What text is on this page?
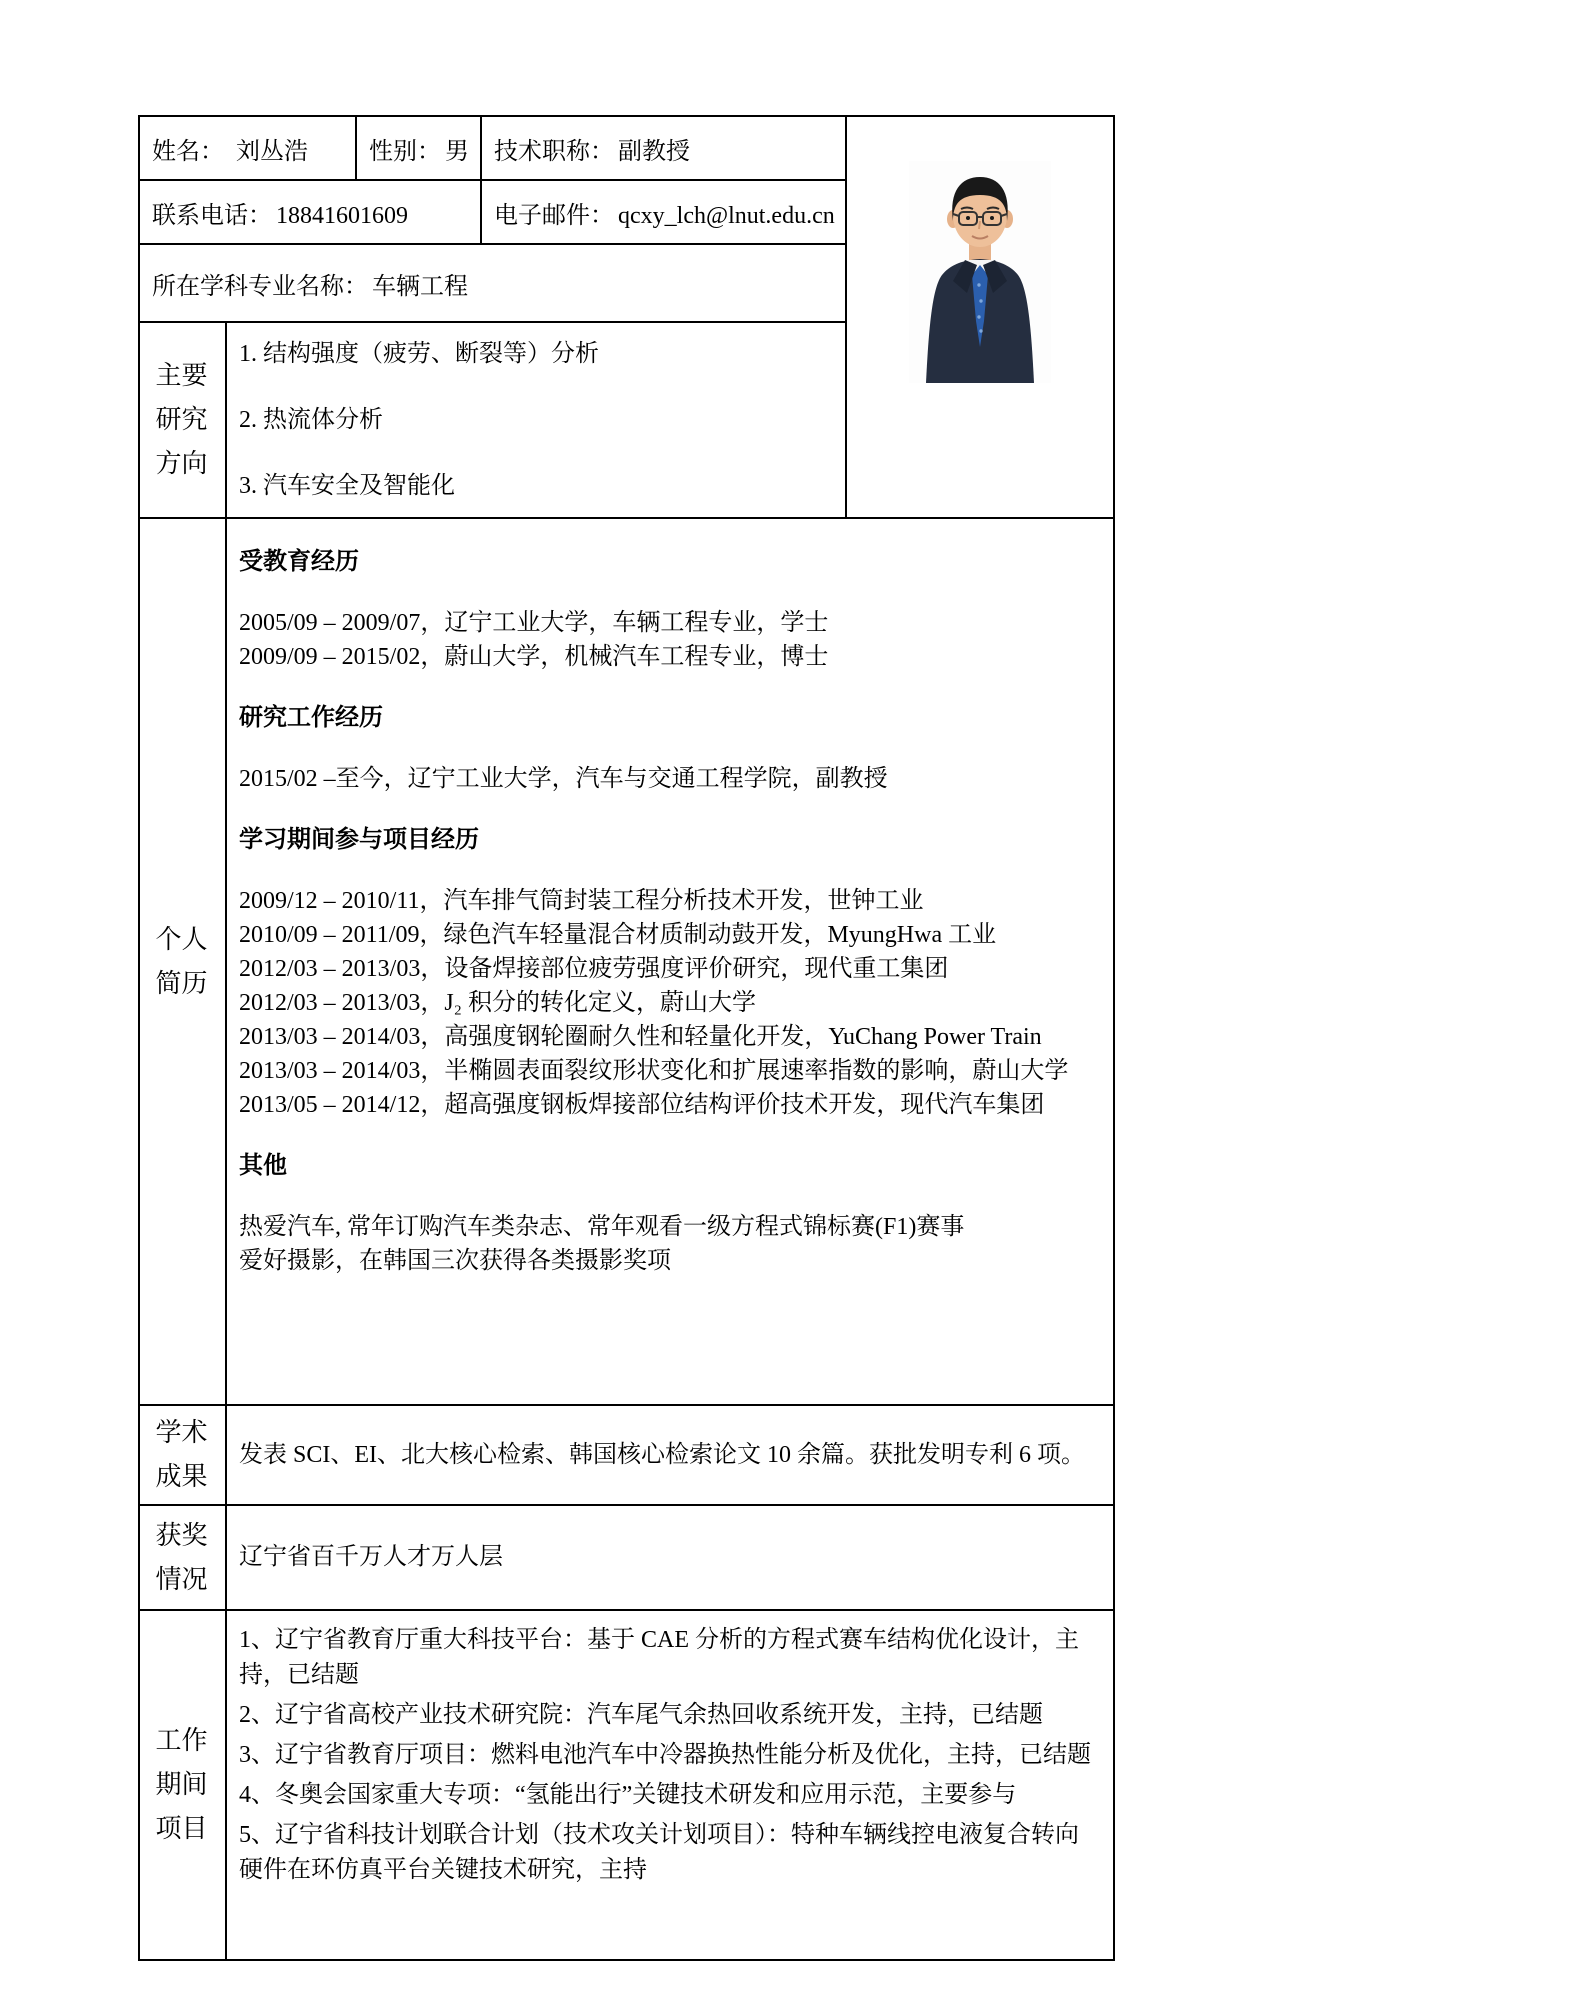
姓名： 刘丛浩		性别： 男	技术职称： 副教授	
联系电话： 18841601609			电子邮件： qcxy_lch@lnut.edu.cn	
所在学科专业名称： 车辆工程				
主要研究方向	1. 结构强度（疲劳、断裂等）分析
2. 热流体分析
3. 汽车安全及智能化			

个人简历	
受教育经历
2005/09 – 2009/07，辽宁工业大学，车辆工程专业，学士
2009/09 – 2015/02，蔚山大学，机械汽车工程专业，博士
研究工作经历
2015/02 –至今，辽宁工业大学，汽车与交通工程学院，副教授
学习期间参与项目经历
2009/12 – 2010/11，汽车排气筒封装工程分析技术开发，世钟工业
2010/09 – 2011/09，绿色汽车轻量混合材质制动鼓开发，MyungHwa 工业
2012/03 – 2013/03，设备焊接部位疲劳强度评价研究，现代重工集团
2012/03 – 2013/03，J₂ 积分的转化定义，蔚山大学
2013/03 – 2014/03，高强度钢轮圈耐久性和轻量化开发，YuChang Power Train
2013/03 – 2014/03，半椭圆表面裂纹形状变化和扩展速率指数的影响，蔚山大学
2013/05 – 2014/12，超高强度钢板焊接部位结构评价技术开发，现代汽车集团
其他
热爱汽车, 常年订购汽车类杂志、常年观看一级方程式锦标赛(F1)赛事
爱好摄影，在韩国三次获得各类摄影奖项

学术成果	发表 SCI、EI、北大核心检索、韩国核心检索论文 10 余篇。获批发明专利 6 项。			

获奖情况	辽宁省百千万人才万人层			

工作期间项目	1、辽宁省教育厅重大科技平台：基于 CAE 分析的方程式赛车结构优化设计，主持，已结题
2、辽宁省高校产业技术研究院：汽车尾气余热回收系统开发，主持，已结题
3、辽宁省教育厅项目：燃料电池汽车中冷器换热性能分析及优化，主持，已结题
4、冬奥会国家重大专项：“氢能出行”关键技术研发和应用示范，主要参与
5、辽宁省科技计划联合计划（技术攻关计划项目）：特种车辆线控电液复合转向硬件在环仿真平台关键技术研究，主持			
